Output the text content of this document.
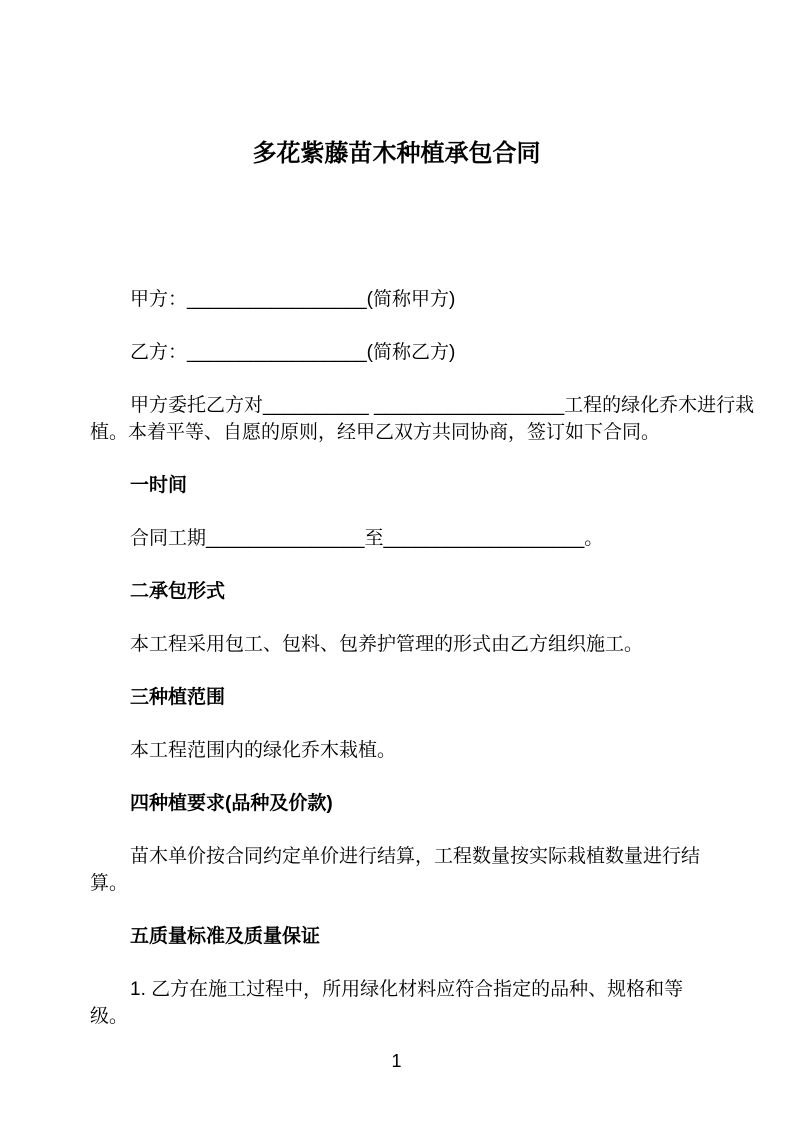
多花紫藤苗木种植承包合同

甲方：_________________(简称甲方)

乙方：_________________(简称乙方)

甲方委托乙方对__________ __________________工程的绿化乔木进行栽
植。本着平等、自愿的原则，经甲乙双方共同协商，签订如下合同。

一时间

合同工期_______________至___________________。

二承包形式

本工程采用包工、包料、包养护管理的形式由乙方组织施工。

三种植范围

本工程范围内的绿化乔木栽植。

四种植要求(品种及价款)

苗木单价按合同约定单价进行结算，工程数量按实际栽植数量进行结算。

五质量标准及质量保证

1. 乙方在施工过程中，所用绿化材料应符合指定的品种、规格和等级。

1
